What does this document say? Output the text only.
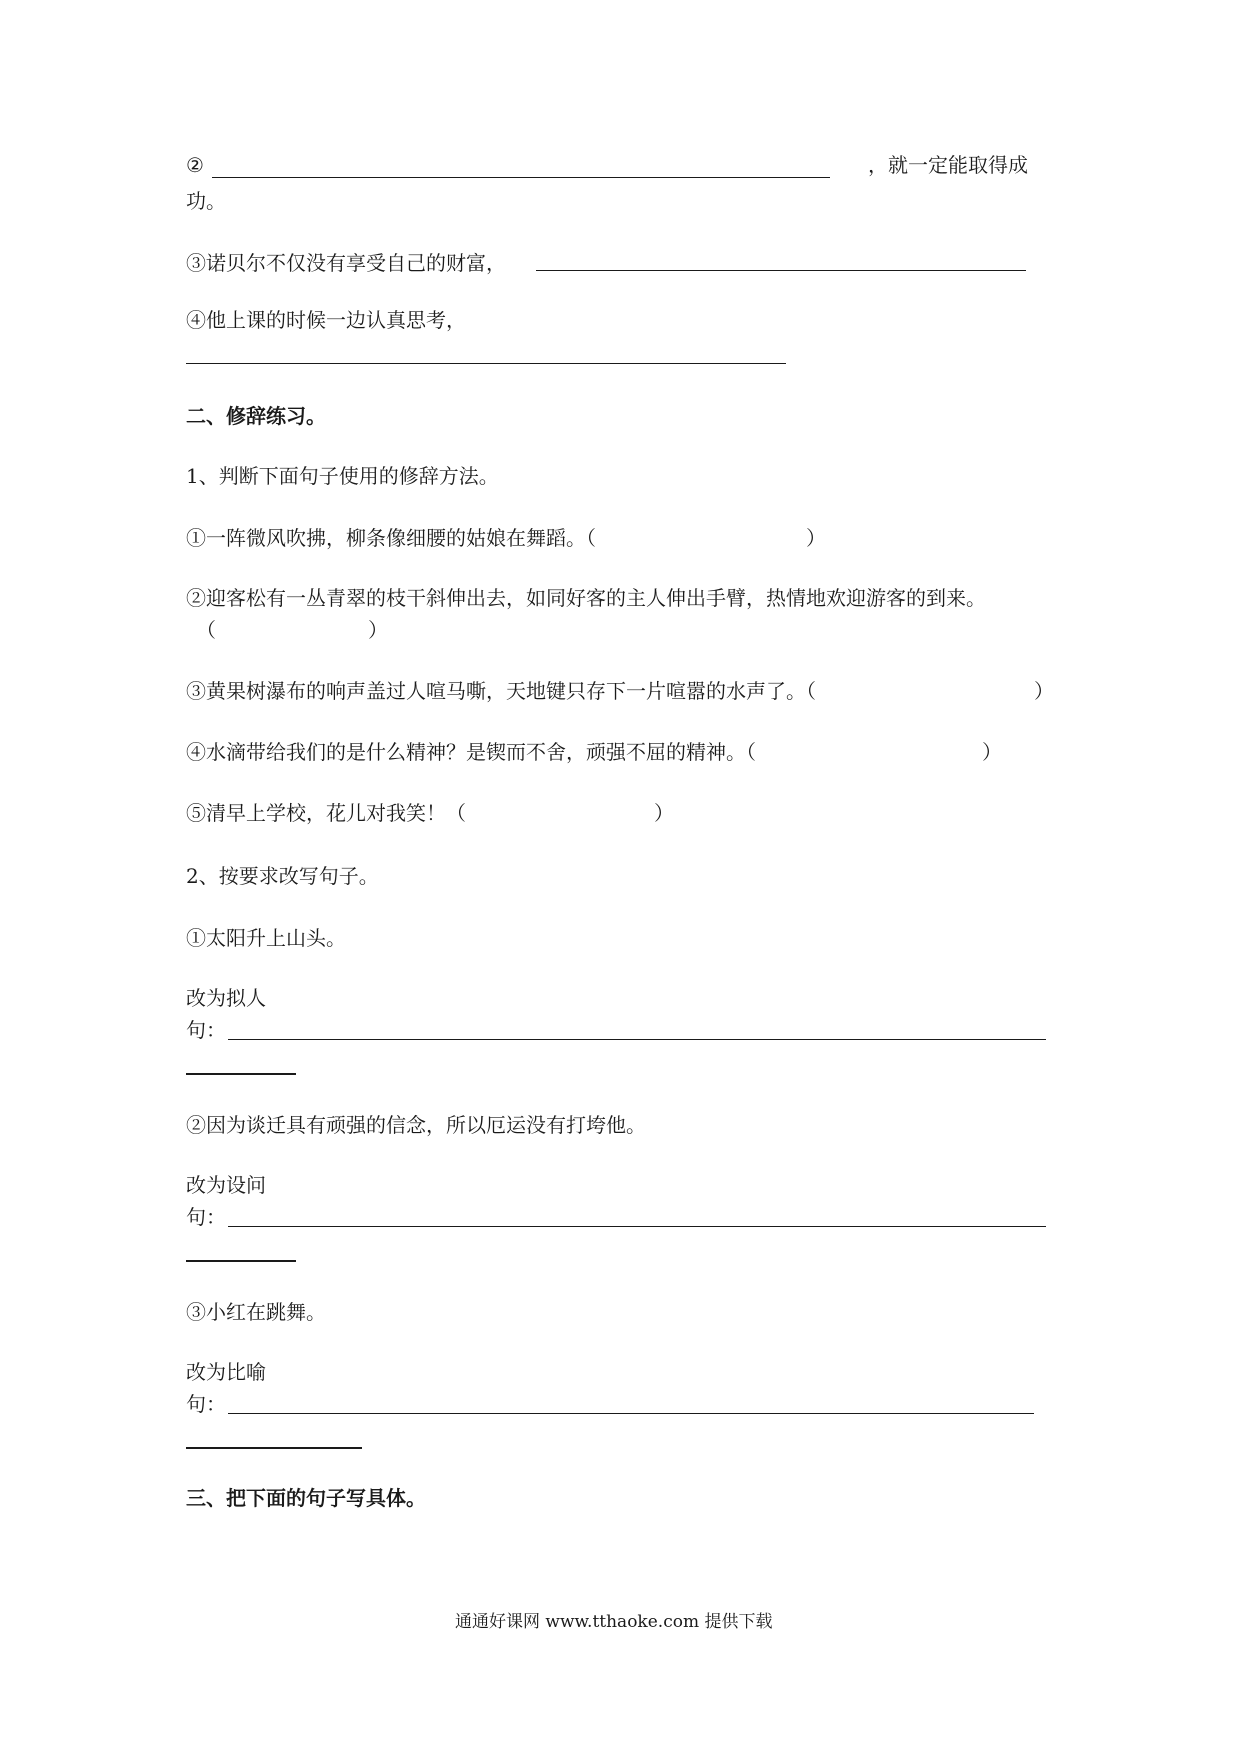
②	，就一定能取得成
功。
③诺贝尔不仅没有享受自己的财富，
④他上课的时候一边认真思考，
二、修辞练习。
1、判断下面句子使用的修辞方法。
①一阵微风吹拂，柳条像细腰的姑娘在舞蹈。（	）
②迎客松有一丛青翠的枝干斜伸出去，如同好客的主人伸出手臂，热情地欢迎游客的到来。
（	）
③黄果树瀑布的响声盖过人喧马嘶，天地键只存下一片喧嚣的水声了。（	）
④水滴带给我们的是什么精神？是锲而不舍，顽强不屈的精神。（	）
⑤清早上学校，花儿对我笑！（	）
2、按要求改写句子。
①太阳升上山头。
改为拟人
句：
②因为谈迁具有顽强的信念，所以厄运没有打垮他。
改为设问
句：
③小红在跳舞。
改为比喻
句：
三、把下面的句子写具体。
通通好课网 www.tthaoke.com 提供下载
